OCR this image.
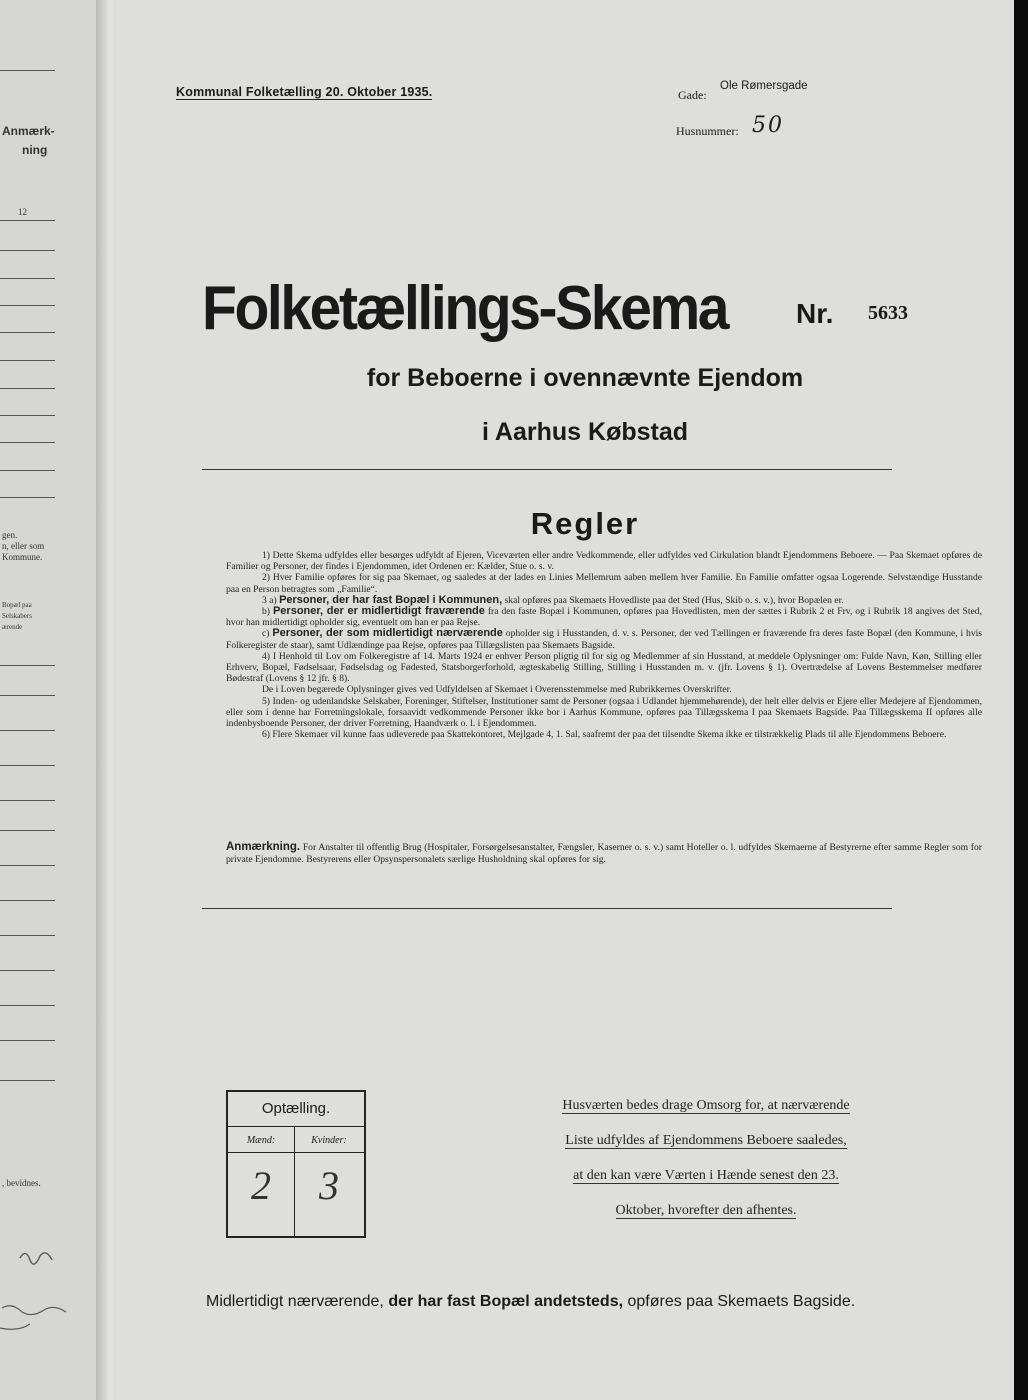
Anmærk-
ning
12
gen.
n, eller som
Kommune.
Bopæl paa
Selskabers
ærende
, bevidnes.
Kommunal Folketælling 20. Oktober 1935.	Gade:
Ole Rømersgade
Husnummer: 50
Folketællings-Skema Nr. 5633
for Beboerne i ovennævnte Ejendom
i Aarhus Købstad
Regler

1) Dette Skema udfyldes eller besørges udfyldt af Ejeren, Viceværten eller andre Vedkommende, eller udfyldes ved Cirkulation blandt Ejendommens Beboere. — Paa Skemaet opføres de Familier og Personer, der findes i Ejendommen, idet Ordenen er: Kælder, Stue o. s. v.

2) Hver Familie opføres for sig paa Skemaet, og saaledes at der lades en Linies Mellemrum aaben mellem hver Familie. En Familie omfatter ogsaa Logerende. Selvstændige Husstande paa en Person betragtes som „Familie“.

3 a) Personer, der har fast Bopæl i Kommunen, skal opføres paa Skemaets Hovedliste paa det Sted (Hus, Skib o. s. v.), hvor Bopælen er.

b) Personer, der er midlertidigt fraværende fra den faste Bopæl i Kommunen, opføres paa Hovedlisten, men der sættes i Rubrik 2 et Frv, og i Rubrik 18 angives det Sted, hvor han midlertidigt opholder sig, eventuelt om han er paa Rejse.

c) Personer, der som midlertidigt nærværende opholder sig i Husstanden, d. v. s. Personer, der ved Tællingen er fraværende fra deres faste Bopæl (den Kommune, i hvis Folkeregister de staar), samt Udlændinge paa Rejse, opføres paa Tillægslisten paa Skemaets Bagside.

4) I Henhold til Lov om Folkeregistre af 14. Marts 1924 er enhver Person pligtig til for sig og Medlemmer af sin Husstand, at meddele Oplysninger om: Fulde Navn, Køn, Stilling eller Erhverv, Bopæl, Fødselsaar, Fødselsdag og Fødested, Statsborgerforhold, ægteskabelig Stilling, Stilling i Husstanden m. v. (jfr. Lovens § 1). Overtrædelse af Lovens Bestemmelser medfører Bødestraf (Lovens § 12 jfr. § 8).

De i Loven begærede Oplysninger gives ved Udfyldelsen af Skemaet i Overensstemmelse med Rubrikkernes Overskrifter.

5) Inden- og udenlandske Selskaber, Foreninger, Stiftelser, Institutioner samt de Personer (ogsaa i Udlandet hjemmehørende), der helt eller delvis er Ejere eller Medejere af Ejendommen, eller som i denne har Forretningslokale, forsaavidt vedkommende Personer ikke bor i Aarhus Kommune, opføres paa Tillægsskema I paa Skemaets Bagside. Paa Tillægsskema II opføres alle indenbysboende Personer, der driver Forretning, Haandværk o. l. i Ejendommen.

6) Flere Skemaer vil kunne faas udleverede paa Skattekontoret, Mejlgade 4, 1. Sal, saafremt der paa det tilsendte Skema ikke er tilstrækkelig Plads til alle Ejendommens Beboere.

Anmærkning. For Anstalter til offentlig Brug (Hospitaler, Forsørgelsesanstalter, Fængsler, Kaserner o. s. v.) samt Hoteller o. l. udfyldes Skemaerne af Bestyrerne efter samme Regler som for private Ejendomme. Bestyrerens eller Opsynspersonalets særlige Husholdning skal opføres for sig.
Optælling.
Mænd:	Kvinder:
2	3
Husværten bedes drage Omsorg for, at nærværende
Liste udfyldes af Ejendommens Beboere saaledes,
at den kan være Værten i Hænde senest den 23.
Oktober, hvorefter den afhentes.
Midlertidigt nærværende, der har fast Bopæl andetsteds, opføres paa Skemaets Bagside.
